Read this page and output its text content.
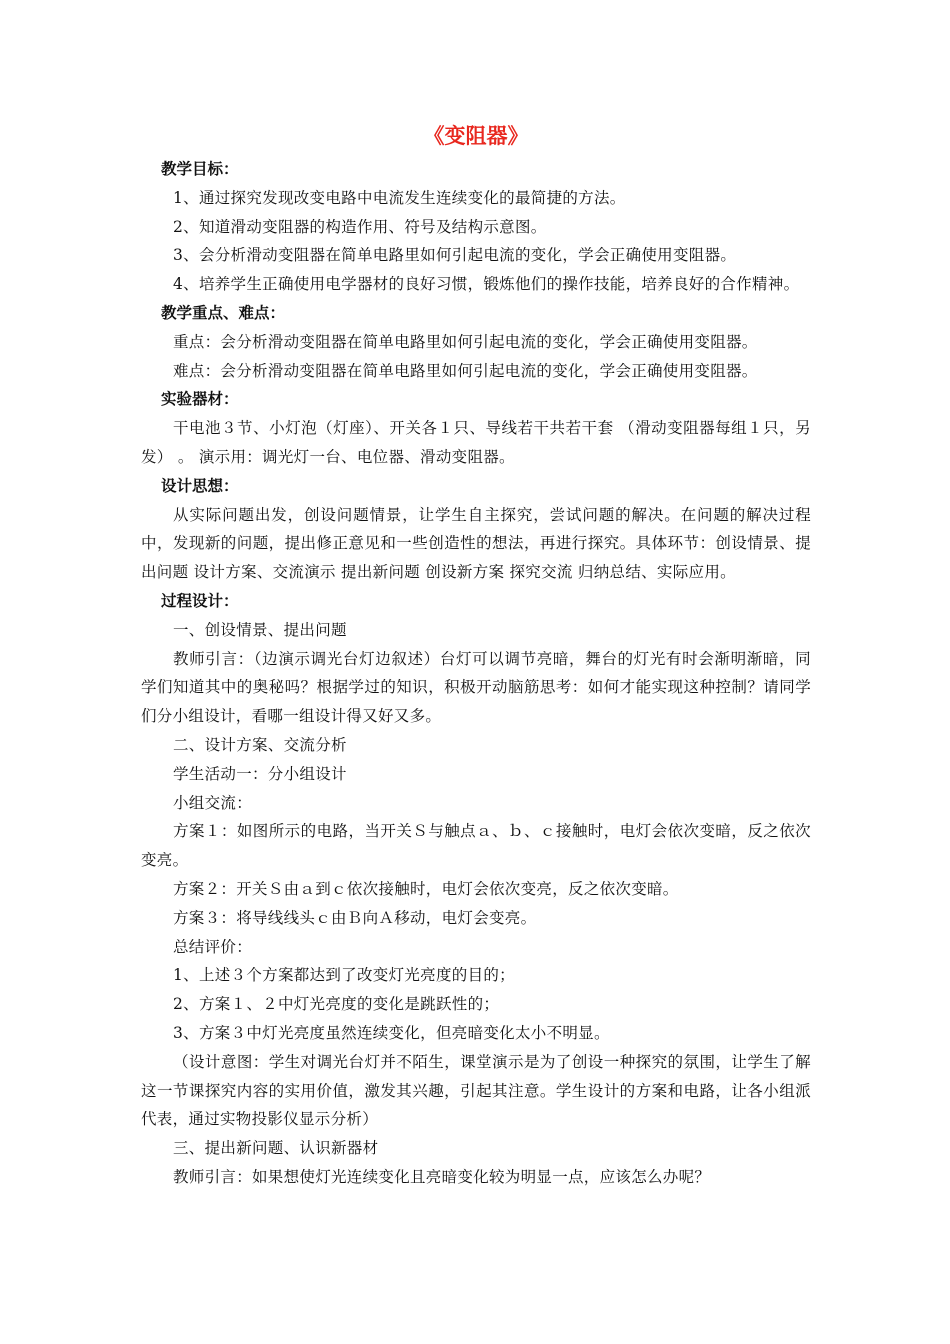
《变阻器》
教学目标：

1、通过探究发现改变电路中电流发生连续变化的最简捷的方法。

2、知道滑动变阻器的构造作用、符号及结构示意图。

3、会分析滑动变阻器在简单电路里如何引起电流的变化，学会正确使用变阻器。

4、培养学生正确使用电学器材的良好习惯，锻炼他们的操作技能，培养良好的合作精神。

教学重点、难点：

重点：会分析滑动变阻器在简单电路里如何引起电流的变化，学会正确使用变阻器。

难点：会分析滑动变阻器在简单电路里如何引起电流的变化，学会正确使用变阻器。

实验器材：

干电池３节、小灯泡（灯座）、开关各１只、导线若干共若干套 （滑动变阻器每组１只，另发） 。 演示用：调光灯一台、电位器、滑动变阻器。

设计思想：

从实际问题出发，创设问题情景，让学生自主探究，尝试问题的解决。在问题的解决过程中，发现新的问题，提出修正意见和一些创造性的想法，再进行探究。具体环节：创设情景、提出问题 设计方案、交流演示 提出新问题 创设新方案 探究交流 归纳总结、实际应用。

过程设计：

一、创设情景、提出问题

教师引言：（边演示调光台灯边叙述）台灯可以调节亮暗，舞台的灯光有时会渐明渐暗，同学们知道其中的奥秘吗？根据学过的知识，积极开动脑筋思考：如何才能实现这种控制？请同学们分小组设计，看哪一组设计得又好又多。

二、设计方案、交流分析

学生活动一：分小组设计

小组交流：

方案１：如图所示的电路，当开关Ｓ与触点ａ、ｂ、ｃ接触时，电灯会依次变暗，反之依次变亮。

方案２：开关Ｓ由ａ到ｃ依次接触时，电灯会依次变亮，反之依次变暗。

方案３：将导线线头ｃ由Ｂ向Ａ移动，电灯会变亮。

总结评价：

1、上述３个方案都达到了改变灯光亮度的目的；

2、方案１、２中灯光亮度的变化是跳跃性的；

3、方案３中灯光亮度虽然连续变化，但亮暗变化太小不明显。

（设计意图：学生对调光台灯并不陌生，课堂演示是为了创设一种探究的氛围，让学生了解这一节课探究内容的实用价值，激发其兴趣，引起其注意。学生设计的方案和电路，让各小组派代表，通过实物投影仪显示分析）

三、提出新问题、认识新器材

教师引言：如果想使灯光连续变化且亮暗变化较为明显一点，应该怎么办呢？
